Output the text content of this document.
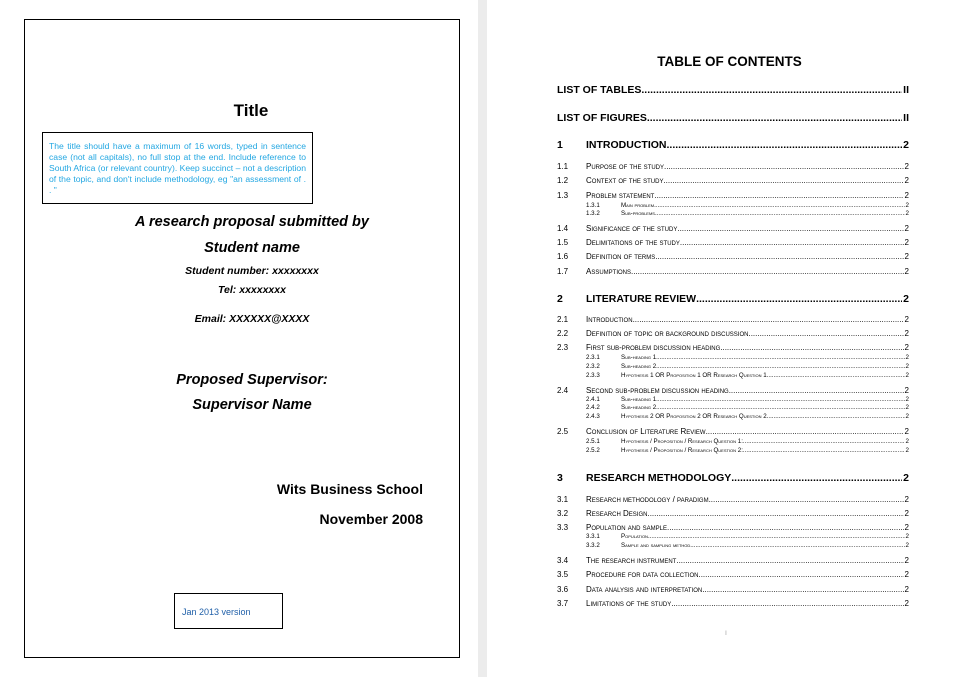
Title
The title should have a maximum of 16 words, typed in sentence case (not all capitals), no full stop at the end. Include reference to South Africa (or relevant country). Keep succinct – not a description of the topic, and don't include methodology, eg "an assessment of . . "
A research proposal submitted by
Student name
Student number: xxxxxxxx
Tel: xxxxxxxx
Email: XXXXXX@XXXX
Proposed Supervisor:
Supervisor Name
Wits Business School
November 2008
Jan 2013 version
TABLE OF CONTENTS
LIST OF TABLES .....	II
LIST OF FIGURES .....	II
1	INTRODUCTION .....	2
1.1	Purpose of the study .....	2
1.2	Context of the study .....	2
1.3	Problem statement .....	2
1.3.1	Main problem .....	2
1.3.2	Sub-problems .....	2
1.4	Significance of the study .....	2
1.5	Delimitations of the study .....	2
1.6	Definition of terms .....	2
1.7	Assumptions .....	2
2	LITERATURE REVIEW .....	2
2.1	Introduction .....	2
2.2	Definition of topic or background discussion .....	2
2.3	First sub-problem discussion heading .....	2
2.3.1	Sub-heading 1 .....	2
2.3.2	Sub-heading 2 .....	2
2.3.3	Hypothesis 1 OR Proposition 1 OR Research Question 1 .....	2
2.4	Second sub-problem discussion heading .....	2
2.4.1	Sub-heading 1 .....	2
2.4.2	Sub-heading 2 .....	2
2.4.3	Hypothesis 2 OR Proposition 2 OR Research Question 2 .....	2
2.5	Conclusion of Literature Review .....	2
2.5.1	Hypothesis / Proposition / Research Question 1: .....	2
2.5.2	Hypothesis / Proposition / Research Question 2: .....	2
3	RESEARCH METHODOLOGY .....	2
3.1	Research methodology / paradigm .....	2
3.2	Research Design .....	2
3.3	Population and sample .....	2
3.3.1	Population .....	2
3.3.2	Sample and sampling method .....	2
3.4	The research instrument .....	2
3.5	Procedure for data collection .....	2
3.6	Data analysis and interpretation .....	2
3.7	Limitations of the study .....	2
I
